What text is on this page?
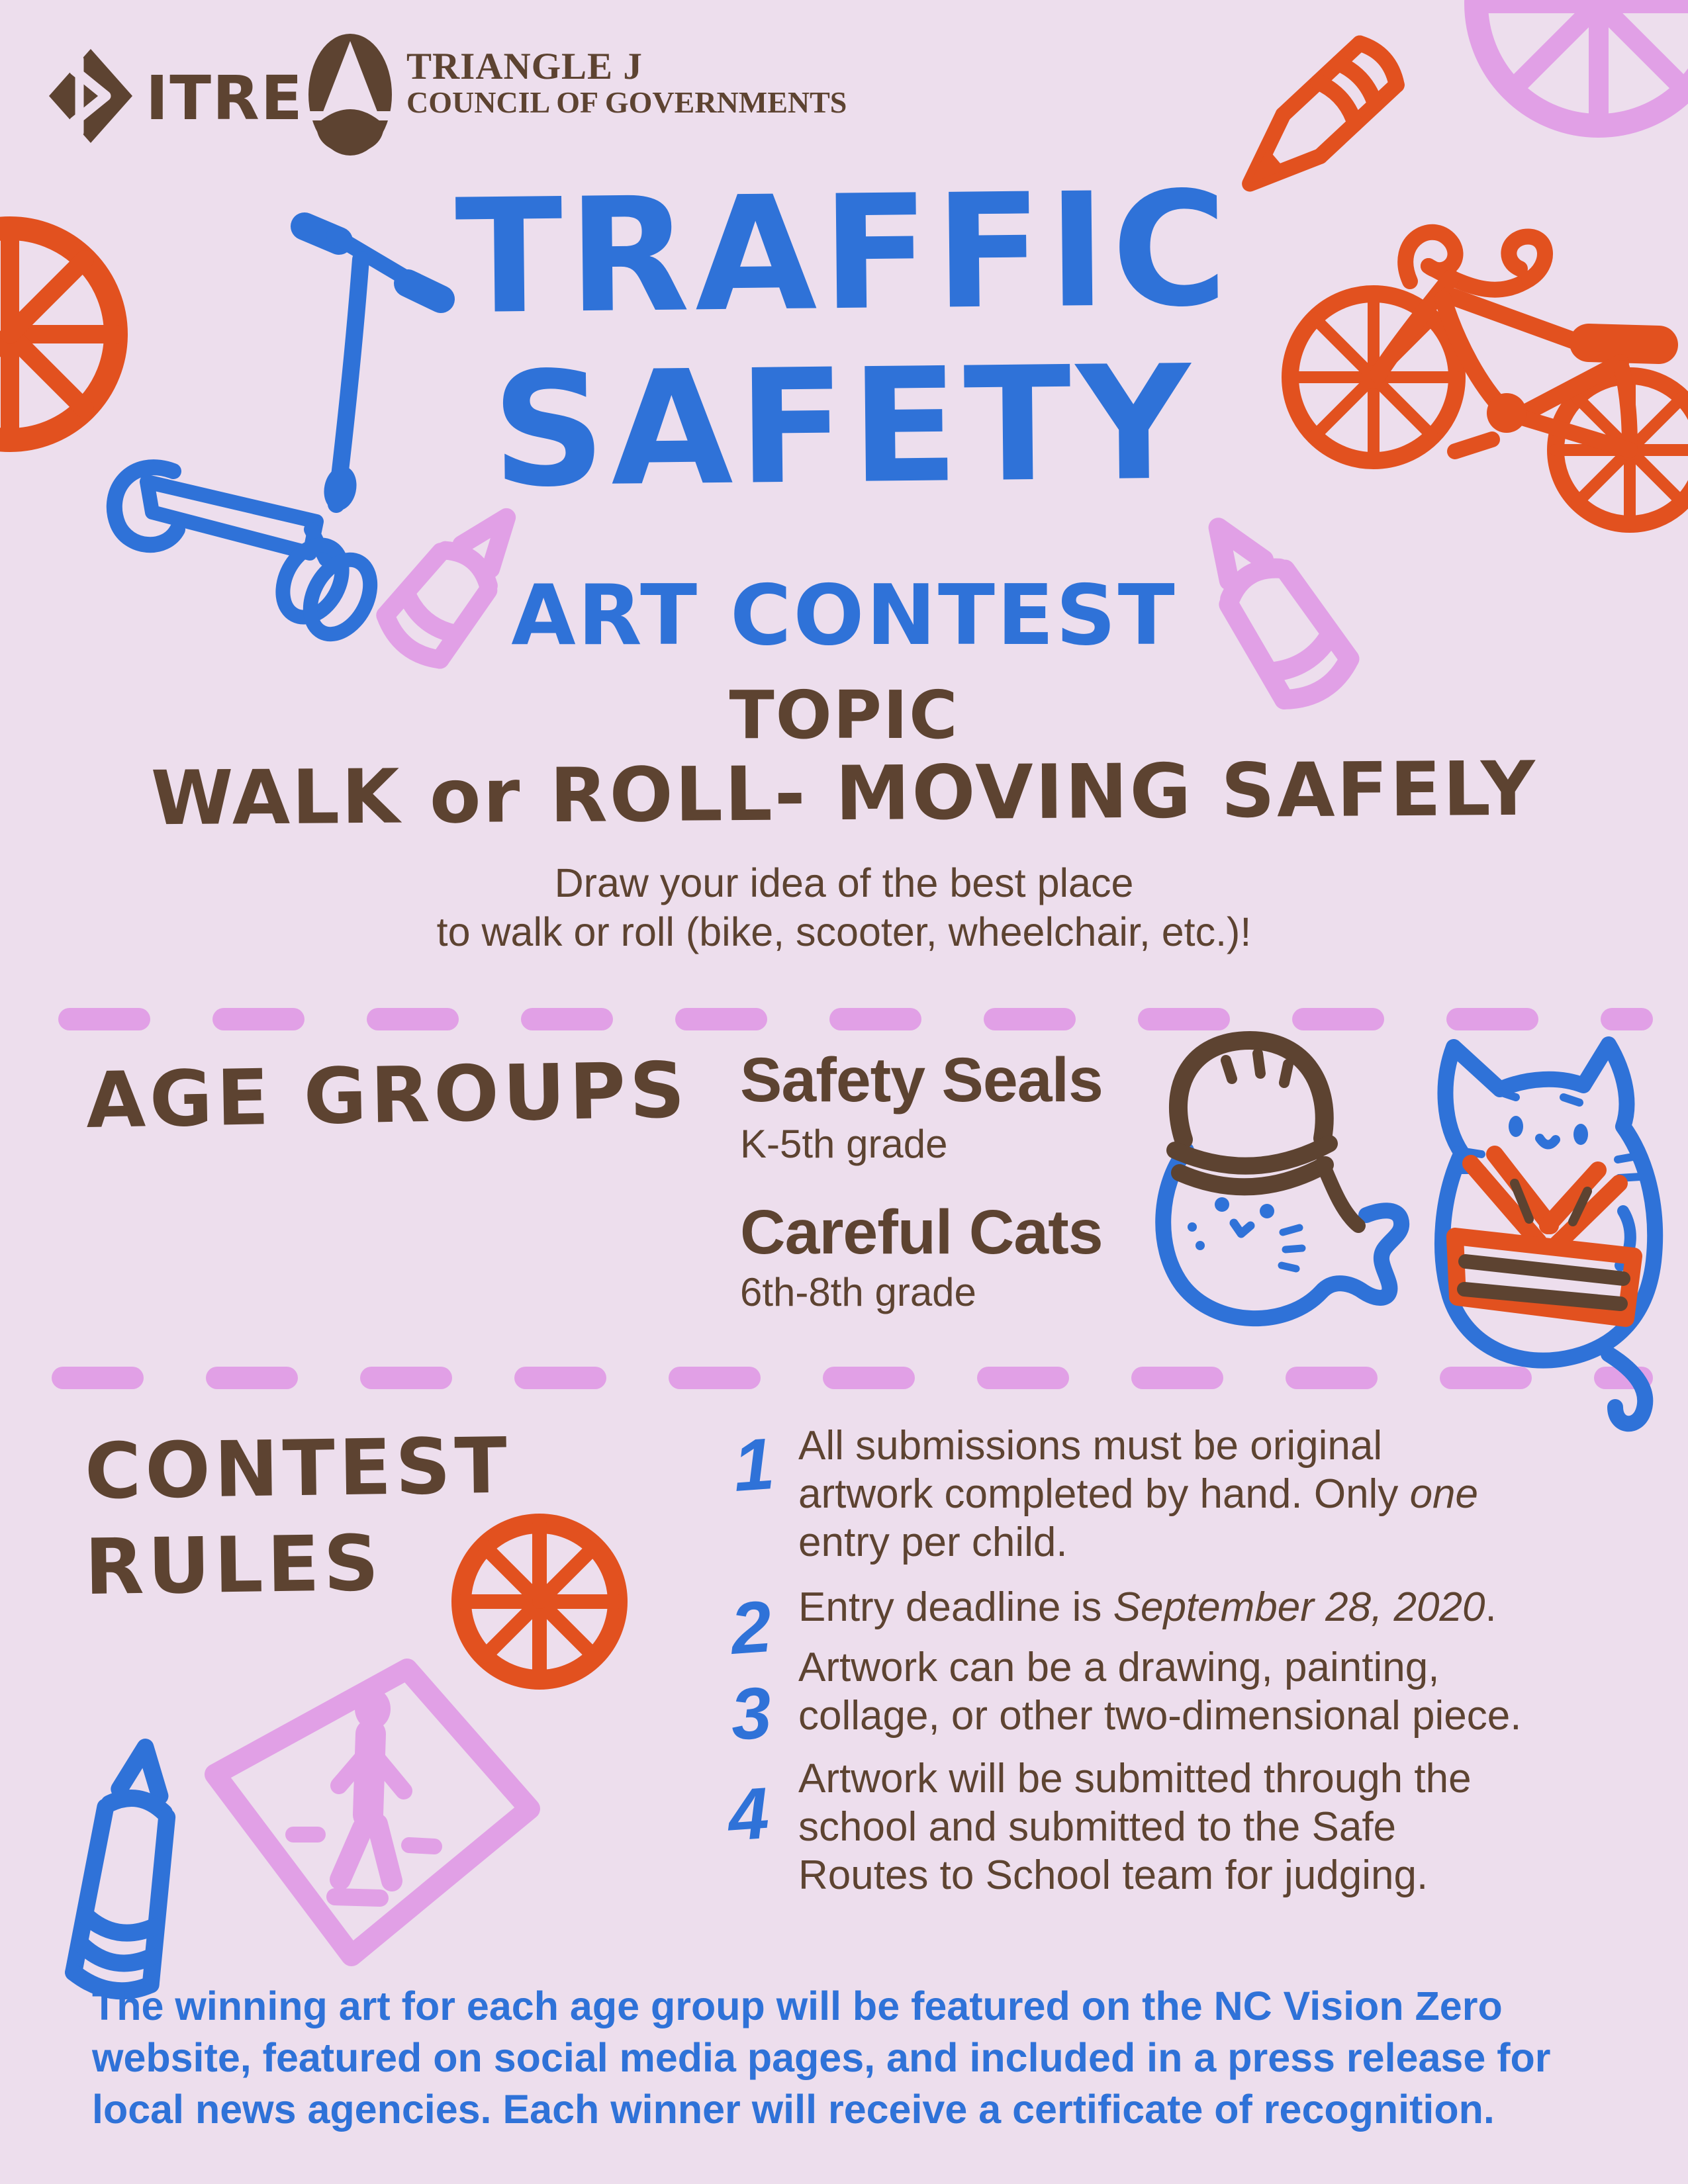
ITRE	TRIANGLE J
COUNCIL OF GOVERNMENTS
TRAFFIC
SAFETY
ART CONTEST
TOPIC
WALK or ROLL- MOVING SAFELY
Draw your idea of the best place
to walk or roll (bike, scooter, wheelchair, etc.)!
AGE GROUPS Safety Seals
K-5th grade
Careful Cats
6th-8th grade
CONTEST
RULES
1 All submissions must be original
artwork completed by hand. Only one
entry per child.
2 Entry deadline is September 28, 2020.
3
Artwork can be a drawing, painting,
collage, or other two-dimensional piece.
4 Artwork will be submitted through the
school and submitted to the Safe
Routes to School team for judging.
The winning art for each age group will be featured on the NC Vision Zero
website, featured on social media pages, and included in a press release for
local news agencies. Each winner will receive a certificate of recognition.
